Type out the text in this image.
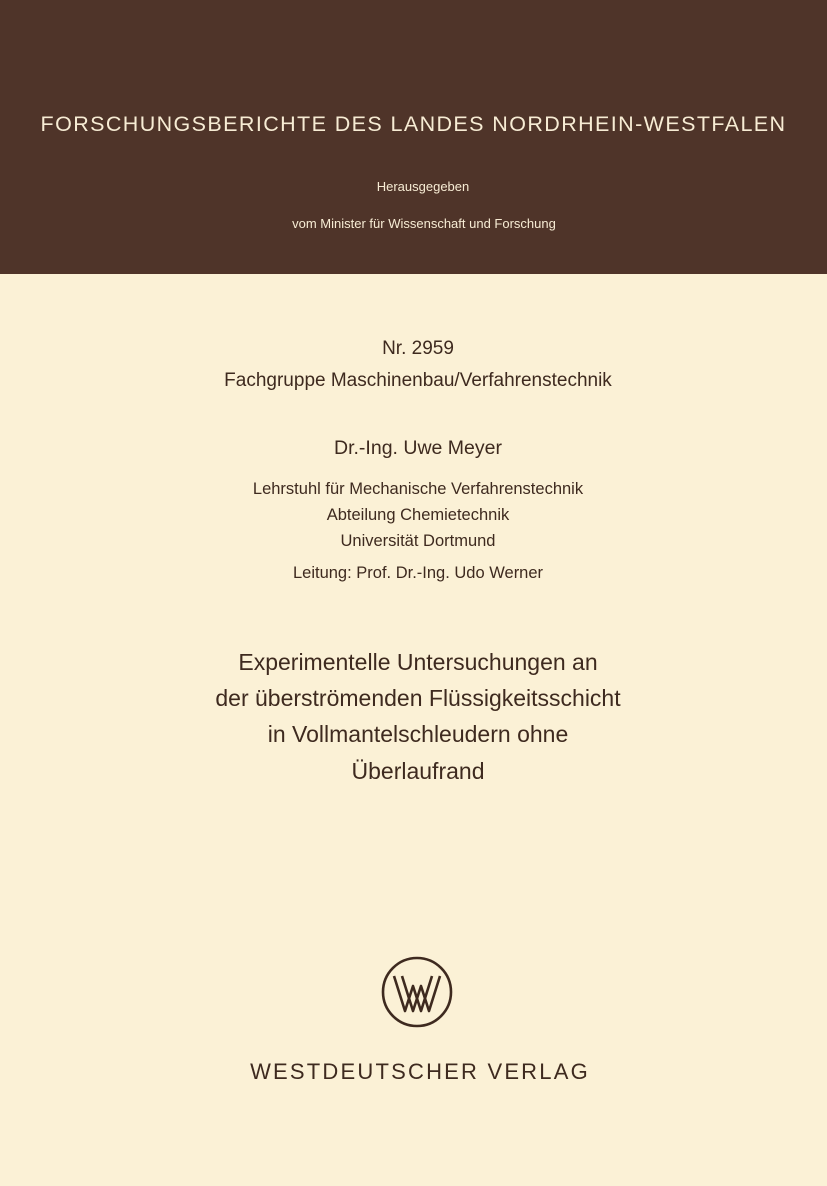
FORSCHUNGSBERICHTE DES LANDES NORDRHEIN-WESTFALEN
Herausgegeben
vom Minister für Wissenschaft und Forschung
Nr. 2959
Fachgruppe Maschinenbau/Verfahrenstechnik
Dr.-Ing. Uwe Meyer
Lehrstuhl für Mechanische Verfahrenstechnik
Abteilung Chemietechnik
Universität Dortmund
Leitung: Prof. Dr.-Ing. Udo Werner
Experimentelle Untersuchungen an
der überströmenden Flüssigkeitsschicht
in Vollmantelschleudern ohne
Überlaufrand
WESTDEUTSCHER VERLAG
